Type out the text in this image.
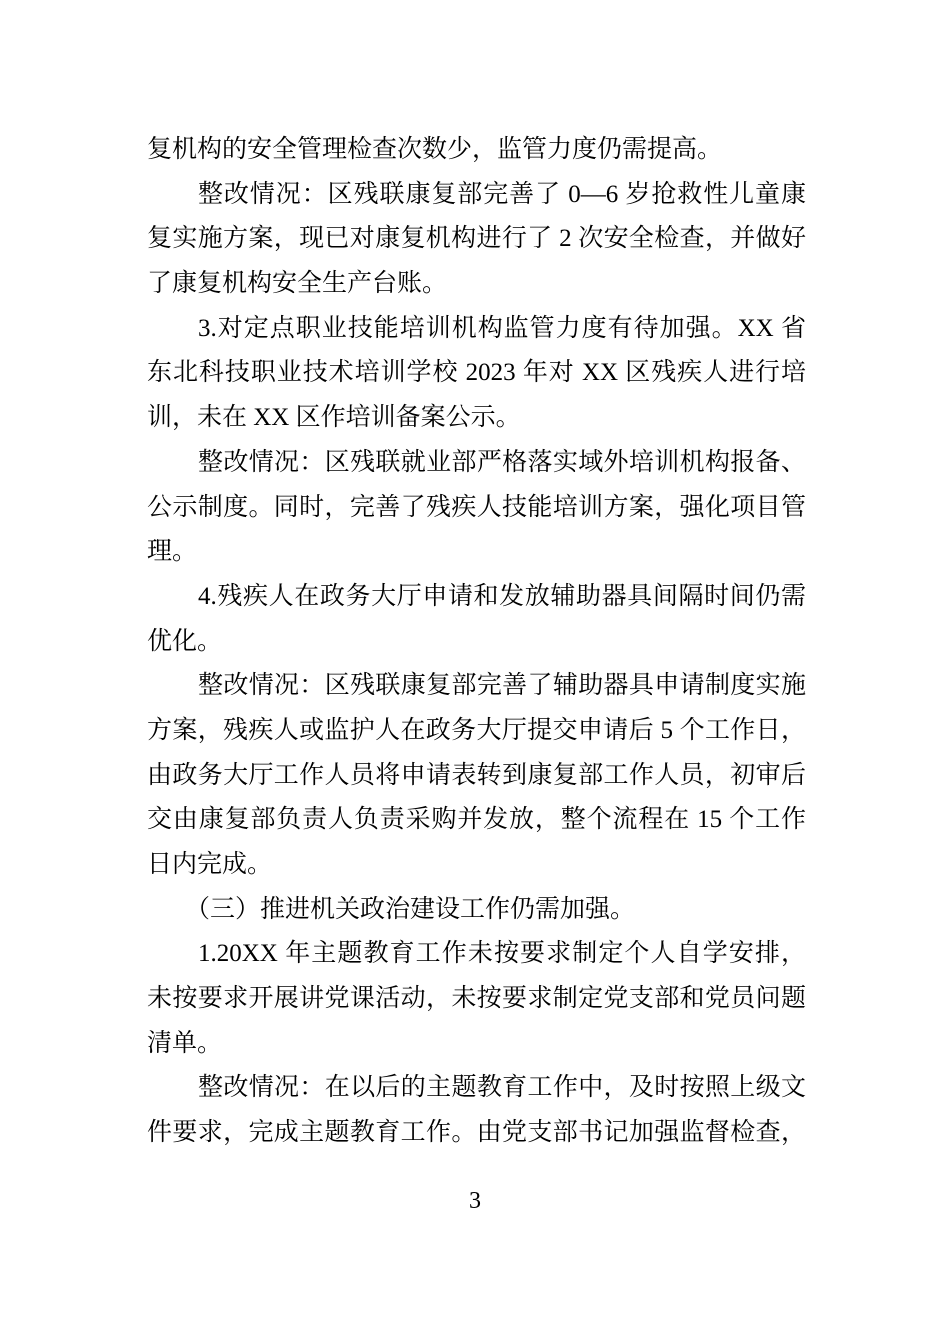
复机构的安全管理检查次数少，监管力度仍需提高。
整改情况：区残联康复部完善了 0—6 岁抢救性儿童康
复实施方案，现已对康复机构进行了 2 次安全检查，并做好
了康复机构安全生产台账。
3.对定点职业技能培训机构监管力度有待加强。XX 省
东北科技职业技术培训学校 2023 年对 XX 区残疾人进行培
训，未在 XX 区作培训备案公示。
整改情况：区残联就业部严格落实域外培训机构报备、
公示制度。同时，完善了残疾人技能培训方案，强化项目管
理。
4.残疾人在政务大厅申请和发放辅助器具间隔时间仍需
优化。
整改情况：区残联康复部完善了辅助器具申请制度实施
方案，残疾人或监护人在政务大厅提交申请后 5 个工作日，
由政务大厅工作人员将申请表转到康复部工作人员，初审后
交由康复部负责人负责采购并发放，整个流程在 15 个工作
日内完成。
（三）推进机关政治建设工作仍需加强。
1.20XX 年主题教育工作未按要求制定个人自学安排，
未按要求开展讲党课活动，未按要求制定党支部和党员问题
清单。
整改情况：在以后的主题教育工作中，及时按照上级文
件要求，完成主题教育工作。由党支部书记加强监督检查，
3
